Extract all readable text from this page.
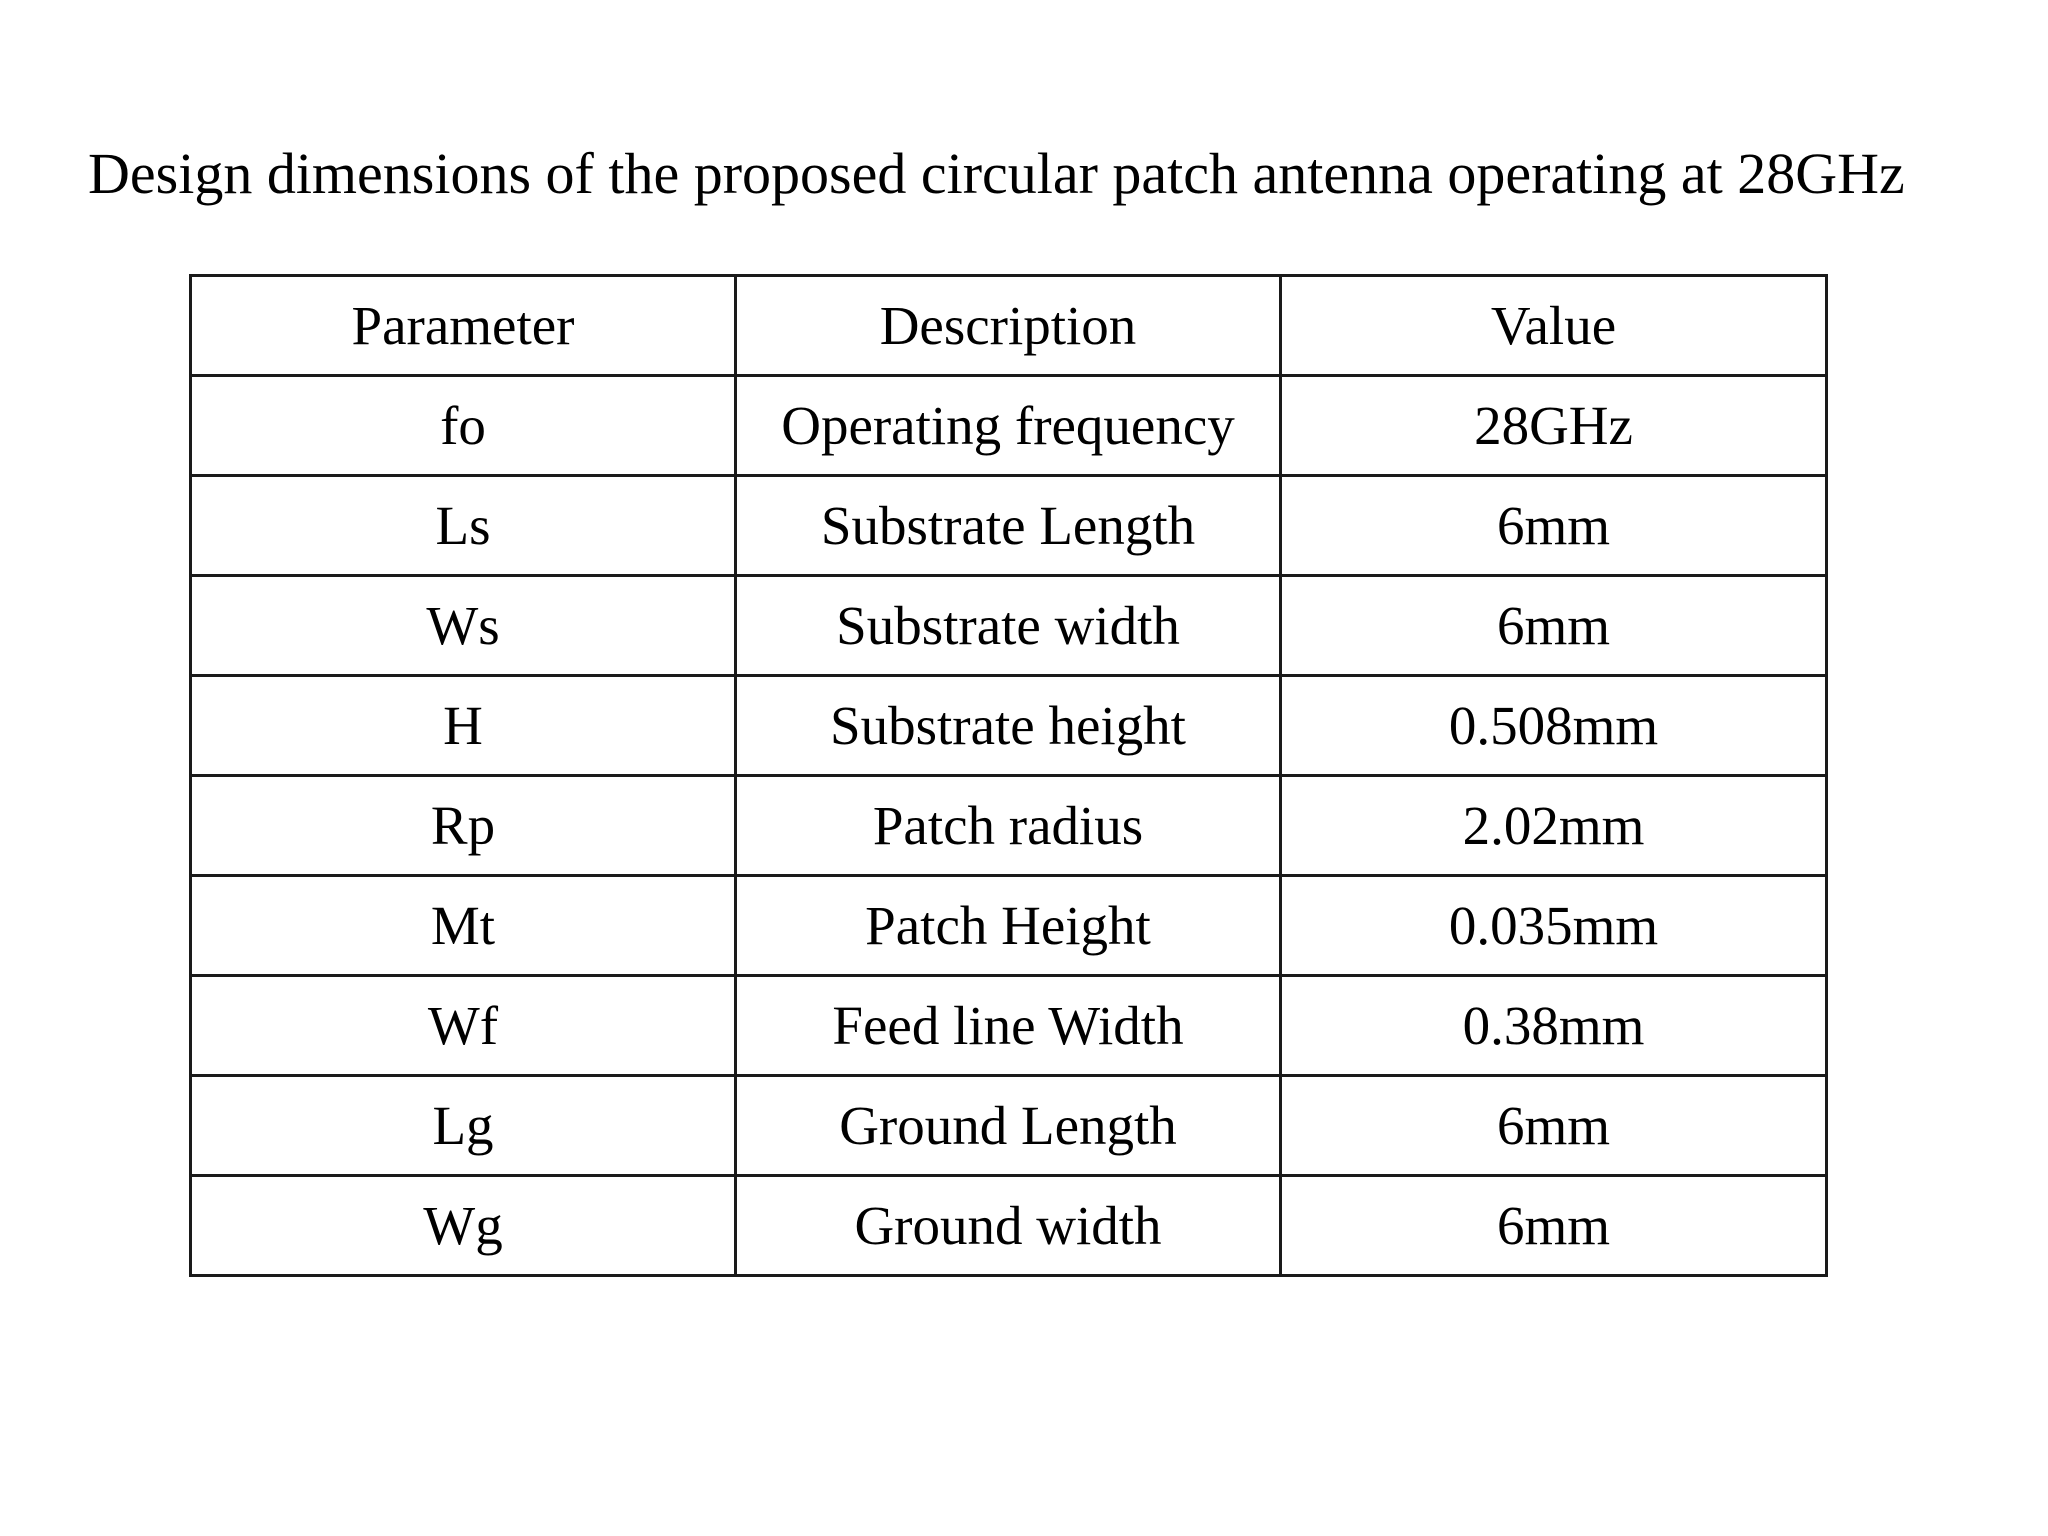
Design dimensions of the proposed circular patch antenna operating at 28GHz
Parameter	Description	Value
fo	Operating frequency	28GHz
Ls	Substrate Length	6mm
Ws	Substrate width	6mm
H	Substrate height	0.508mm
Rp	Patch radius	2.02mm
Mt	Patch Height	0.035mm
Wf	Feed line Width	0.38mm
Lg	Ground Length	6mm
Wg	Ground width	6mm
